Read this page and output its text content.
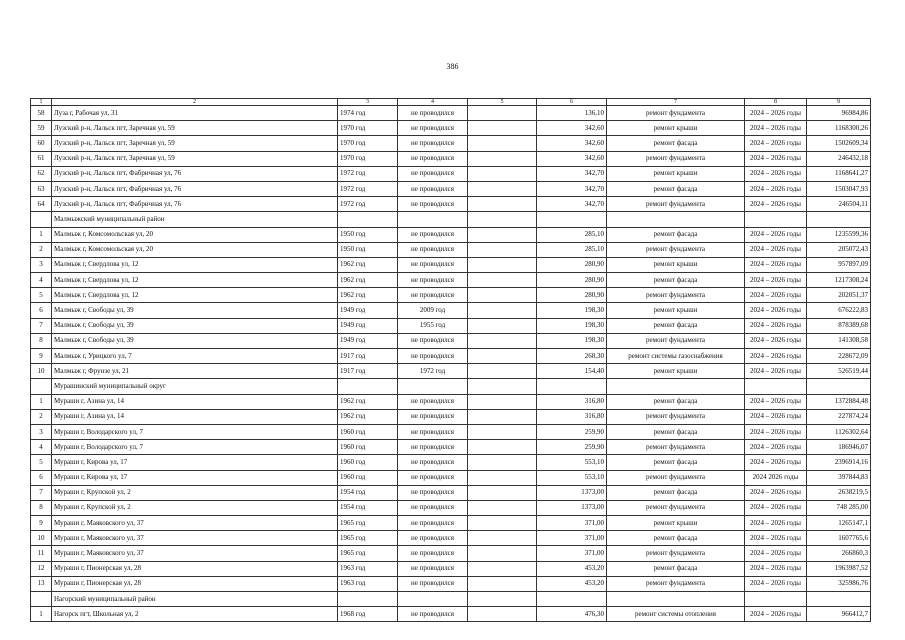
386
1	2	3	4	5	6	7	8	9
58	Луза г, Рабочая ул, 31	1974 год	не проводился		136,10	ремонт фундамента	2024 – 2026 годы	96984,86
59	Лузский р-н, Лальск пгт, Заречная ул, 59	1970 год	не проводился		342,60	ремонт крыши	2024 – 2026 годы	1168300,26
60	Лузский р-н, Лальск пгт, Заречная ул, 59	1970 год	не проводился		342,60	ремонт фасада	2024 – 2026 годы	1502609,34
61	Лузский р-н, Лальск пгт, Заречная ул, 59	1970 год	не проводился		342,60	ремонт фундамента	2024 – 2026 годы	246432,18
62	Лузский р-н, Лальск пгт, Фабричная ул, 76	1972 год	не проводился		342,70	ремонт крыши	2024 – 2026 годы	1168641,27
63	Лузский р-н, Лальск пгт, Фабричная ул, 76	1972 год	не проводился		342,70	ремонт фасада	2024 – 2026 годы	1503047,93
64	Лузский р-н, Лальск пгт, Фабричная ул, 76	1972 год	не проводился		342,70	ремонт фундамента	2024 – 2026 годы	246504,11
	Малмыжский муниципальный район							
1	Малмыж г, Комсомольская ул, 20	1950 год	не проводился		285,10	ремонт фасада	2024 – 2026 годы	1235599,36
2	Малмыж г, Комсомольская ул, 20	1950 год	не проводился		285,10	ремонт фундамента	2024 – 2026 годы	205072,43
3	Малмыж г, Свердлова ул, 12	1962 год	не проводился		280,90	ремонт крыши	2024 – 2026 годы	957897,09
4	Малмыж г, Свердлова ул, 12	1962 год	не проводился		280,90	ремонт фасада	2024 – 2026 годы	1217308,24
5	Малмыж г, Свердлова ул, 12	1962 год	не проводился		280,90	ремонт фундамента	2024 – 2026 годы	202051,37
6	Малмыж г, Свободы ул, 39	1949 год	2009 год		198,30	ремонт крыши	2024 – 2026 годы	676222,83
7	Малмыж г, Свободы ул, 39	1949 год	1955 год		198,30	ремонт фасада	2024 – 2026 годы	878389,68
8	Малмыж г, Свободы ул, 39	1949 год	не проводился		198,30	ремонт фундамента	2024 – 2026 годы	141308,58
9	Малмыж г, Урицкого ул, 7	1917 год	не проводился		268,30	ремонт системы газоснабжения	2024 – 2026 годы	228672,09
10	Малмыж г, Фрунзе ул, 21	1917 год	1972 год		154,40	ремонт крыши	2024 – 2026 годы	526519,44
	Мурашинский муниципальный округ							
1	Мураши г, Азина ул, 14	1962 год	не проводился		316,80	ремонт фасада	2024 – 2026 годы	1372884,48
2	Мураши г, Азина ул, 14	1962 год	не проводился		316,80	ремонт фундамента	2024 – 2026 годы	227874,24
3	Мураши г, Володарского ул, 7	1960 год	не проводился		259,90	ремонт фасада	2024 – 2026 годы	1126302,64
4	Мураши г, Володарского ул, 7	1960 год	не проводился		259,90	ремонт фундамента	2024 – 2026 годы	186946,07
5	Мураши г, Кирова ул, 17	1960 год	не проводился		553,10	ремонт фасада	2024 – 2026 годы	2396914,16
6	Мураши г, Кирова ул, 17	1960 год	не проводился		553,10	ремонт фундамента	2024 2026 годы	397844,83
7	Мураши г, Крупской ул, 2	1954 год	не проводился		1373,00	ремонт фасада	2024 – 2026 годы	2638219,5
8	Мураши г, Крупской ул, 2	1954 год	не проводился		1373,00	ремонт фундамента	2024 – 2026 годы	748 285,00
9	Мураши г, Маяковского ул, 37	1965 год	не проводился		371,00	ремонт крыши	2024 – 2026 годы	1265147,1
10	Мураши г, Маяковского ул, 37	1965 год	не проводился		371,00	ремонт фасада	2024 – 2026 годы	1607765,6
11	Мураши г, Маяковского ул, 37	1965 год	не проводился		371,00	ремонт фундамента	2024 – 2026 годы	266860,3
12	Мураши г, Пионерская ул, 28	1963 год	не проводился		453,20	ремонт фасада	2024 – 2026 годы	1963987,52
13	Мураши г, Пионерская ул, 28	1963 год	не проводился		453,20	ремонт фундамента	2024 – 2026 годы	325986,76
	Нагорский муниципальный район							
1	Нагорск пгт, Школьная ул, 2	1968 год	не проводился		476,30	ремонт системы отопления	2024 – 2026 годы	966412,7
